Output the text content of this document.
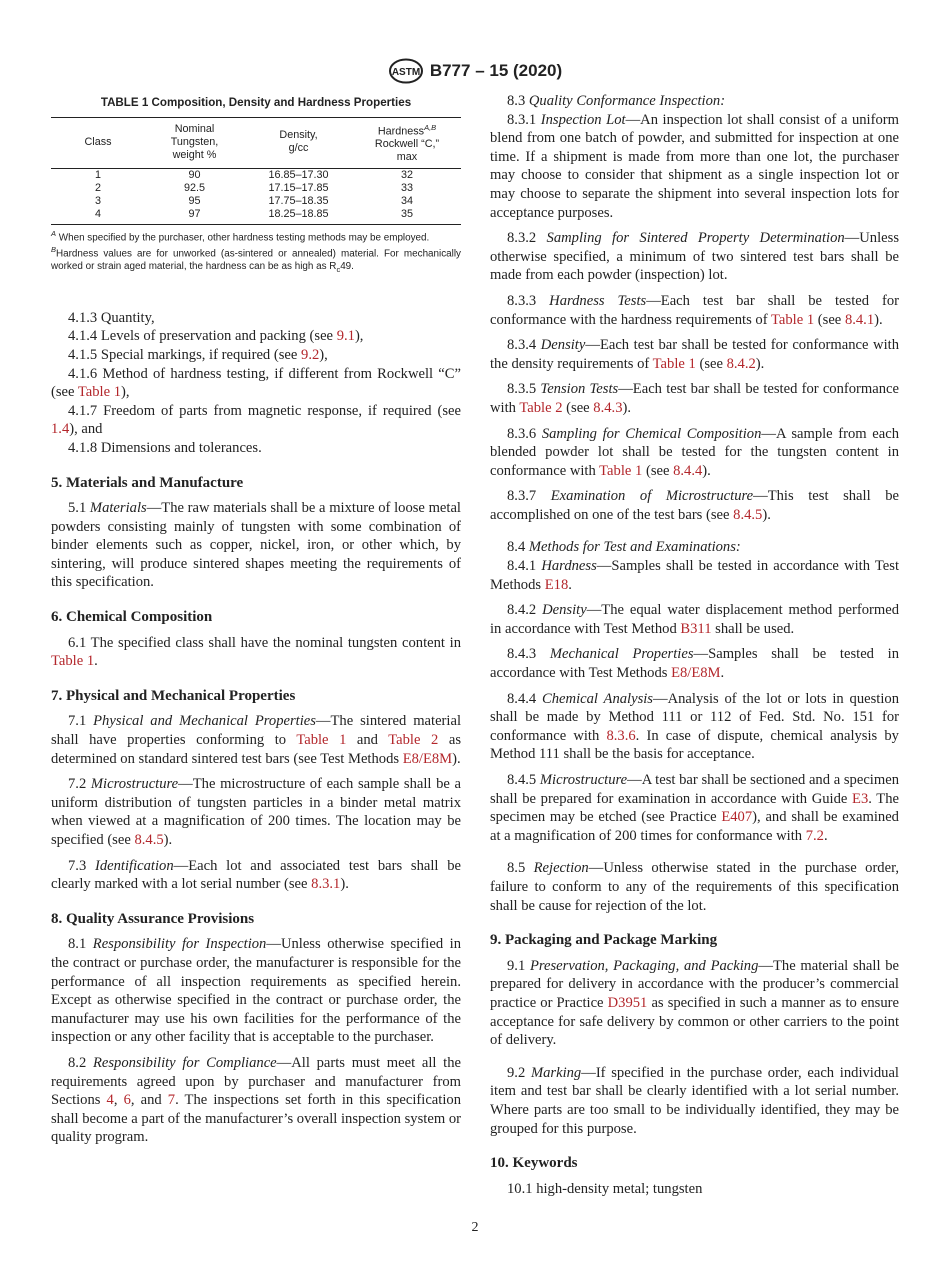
ASTM B777 – 15 (2020)
TABLE 1 Composition, Density and Hardness Properties
Class	Nominal Tungsten, weight %	Density, g/cc	Hardness$^{A,B}$
Rockwell “C,” max

1	90	16.85–17.30	32
2	92.5	17.15–17.85	33
3	95	17.75–18.35	34
4	97	18.25–18.85	35
$^A$ When specified by the purchaser, other hardness testing methods may be employed.
$^B$Hardness values are for unworked (as-sintered or annealed) material. For mechanically worked or strain aged material, the hardness can be as high as $R_c49$.

4.1.3 Quantity,

4.1.4 Levels of preservation and packing (see 9.1),

4.1.5 Special markings, if required (see 9.2),

4.1.6 Method of hardness testing, if different from Rockwell “C” (see Table 1),

4.1.7 Freedom of parts from magnetic response, if required (see 1.4), and

4.1.8 Dimensions and tolerances.

5. Materials and Manufacture

5.1 Materials—The raw materials shall be a mixture of loose metal powders consisting mainly of tungsten with some combination of binder elements such as copper, nickel, iron, or other which, by sintering, will produce sintered shapes meeting the requirements of this specification.

6. Chemical Composition

6.1 The specified class shall have the nominal tungsten content in Table 1.

7. Physical and Mechanical Properties

7.1 Physical and Mechanical Properties—The sintered material shall have properties conforming to Table 1 and Table 2 as determined on standard sintered test bars (see Test Methods E8/E8M).

7.2 Microstructure—The microstructure of each sample shall be a uniform distribution of tungsten particles in a binder metal matrix when viewed at a magnification of 200 times. The location may be specified (see 8.4.5).

7.3 Identification—Each lot and associated test bars shall be clearly marked with a lot serial number (see 8.3.1).

8. Quality Assurance Provisions

8.1 Responsibility for Inspection—Unless otherwise specified in the contract or purchase order, the manufacturer is responsible for the performance of all inspection requirements as specified herein. Except as otherwise specified in the contract or purchase order, the manufacturer may use his own facilities for the performance of the inspection or any other facility that is acceptable to the purchaser.

8.2 Responsibility for Compliance—All parts must meet all the requirements agreed upon by purchaser and manufacturer from Sections 4, 6, and 7. The inspections set forth in this specification shall become a part of the manufacturer’s overall inspection system or quality program.

8.3 Quality Conformance Inspection:

8.3.1 Inspection Lot—An inspection lot shall consist of a uniform blend from one batch of powder, and submitted for inspection at one time. If a shipment is made from more than one lot, the purchaser may choose to consider that shipment as a single inspection lot or may choose to separate the shipment into several inspection lots for acceptance purposes.

8.3.2 Sampling for Sintered Property Determination—Unless otherwise specified, a minimum of two sintered test bars shall be made from each powder (inspection) lot.

8.3.3 Hardness Tests—Each test bar shall be tested for conformance with the hardness requirements of Table 1 (see 8.4.1).

8.3.4 Density—Each test bar shall be tested for conformance with the density requirements of Table 1 (see 8.4.2).

8.3.5 Tension Tests—Each test bar shall be tested for conformance with Table 2 (see 8.4.3).

8.3.6 Sampling for Chemical Composition—A sample from each blended powder lot shall be tested for the tungsten content in conformance with Table 1 (see 8.4.4).

8.3.7 Examination of Microstructure—This test shall be accomplished on one of the test bars (see 8.4.5).

8.4 Methods for Test and Examinations:

8.4.1 Hardness—Samples shall be tested in accordance with Test Methods E18.

8.4.2 Density—The equal water displacement method performed in accordance with Test Method B311 shall be used.

8.4.3 Mechanical Properties—Samples shall be tested in accordance with Test Methods E8/E8M.

8.4.4 Chemical Analysis—Analysis of the lot or lots in question shall be made by Method 111 or 112 of Fed. Std. No. 151 for conformance with 8.3.6. In case of dispute, chemical analysis by Method 111 shall be the basis for acceptance.

8.4.5 Microstructure—A test bar shall be sectioned and a specimen shall be prepared for examination in accordance with Guide E3. The specimen may be etched (see Practice E407), and shall be examined at a magnification of 200 times for conformance with 7.2.

8.5 Rejection—Unless otherwise stated in the purchase order, failure to conform to any of the requirements of this specification shall be cause for rejection of the lot.

9. Packaging and Package Marking

9.1 Preservation, Packaging, and Packing—The material shall be prepared for delivery in accordance with the producer’s commercial practice or Practice D3951 as specified in such a manner as to ensure acceptance for safe delivery by common or other carriers to the point of delivery.

9.2 Marking—If specified in the purchase order, each individual item and test bar shall be clearly identified with a lot serial number. Where parts are too small to be individually identified, they may be grouped for this purpose.

10. Keywords

10.1 high-density metal; tungsten

2
